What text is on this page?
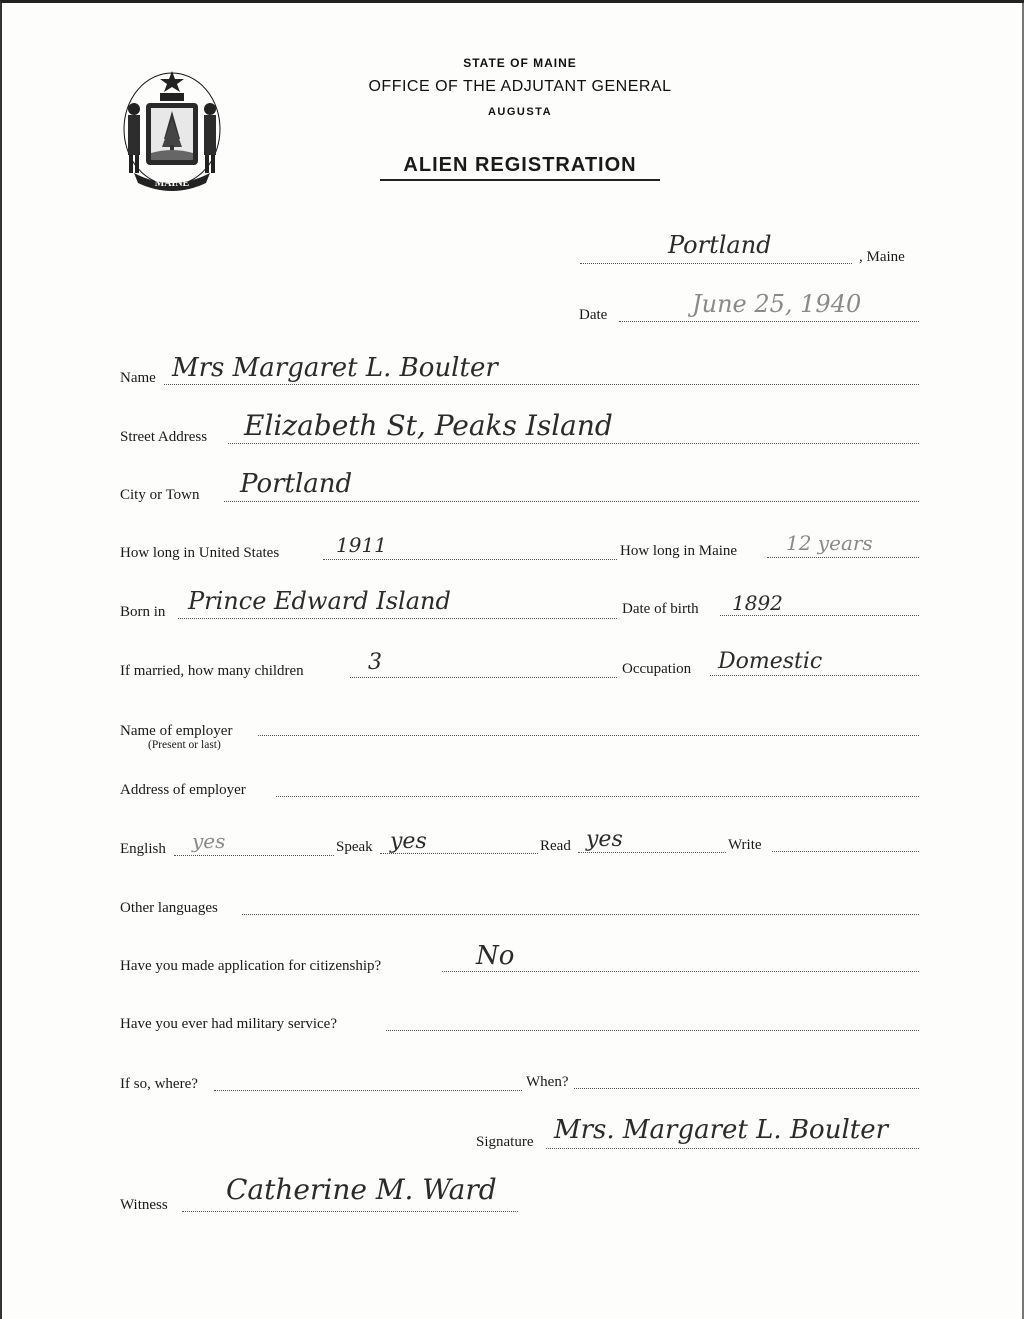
MAINE
STATE OF MAINE
OFFICE OF THE ADJUTANT GENERAL
AUGUSTA
ALIEN REGISTRATION
Portland	, Maine
Date	June 25, 1940
Name Mrs Margaret L. Boulter
Street Address Elizabeth St, Peaks Island
City or Town Portland
How long in United States	1911	How long in Maine 12 years
Born in Prince Edward Island	Date of birth 1892
If married, how many children	3	Occupation Domestic
Name of employer
(Present or last)
Address of employer
English yes	Speak yes	Read yes	Write
Other languages
Have you made application for citizenship?	No
Have you ever had military service?
If so, where?	When?
Signature Mrs. Margaret L. Boulter
Witness Catherine M. Ward
